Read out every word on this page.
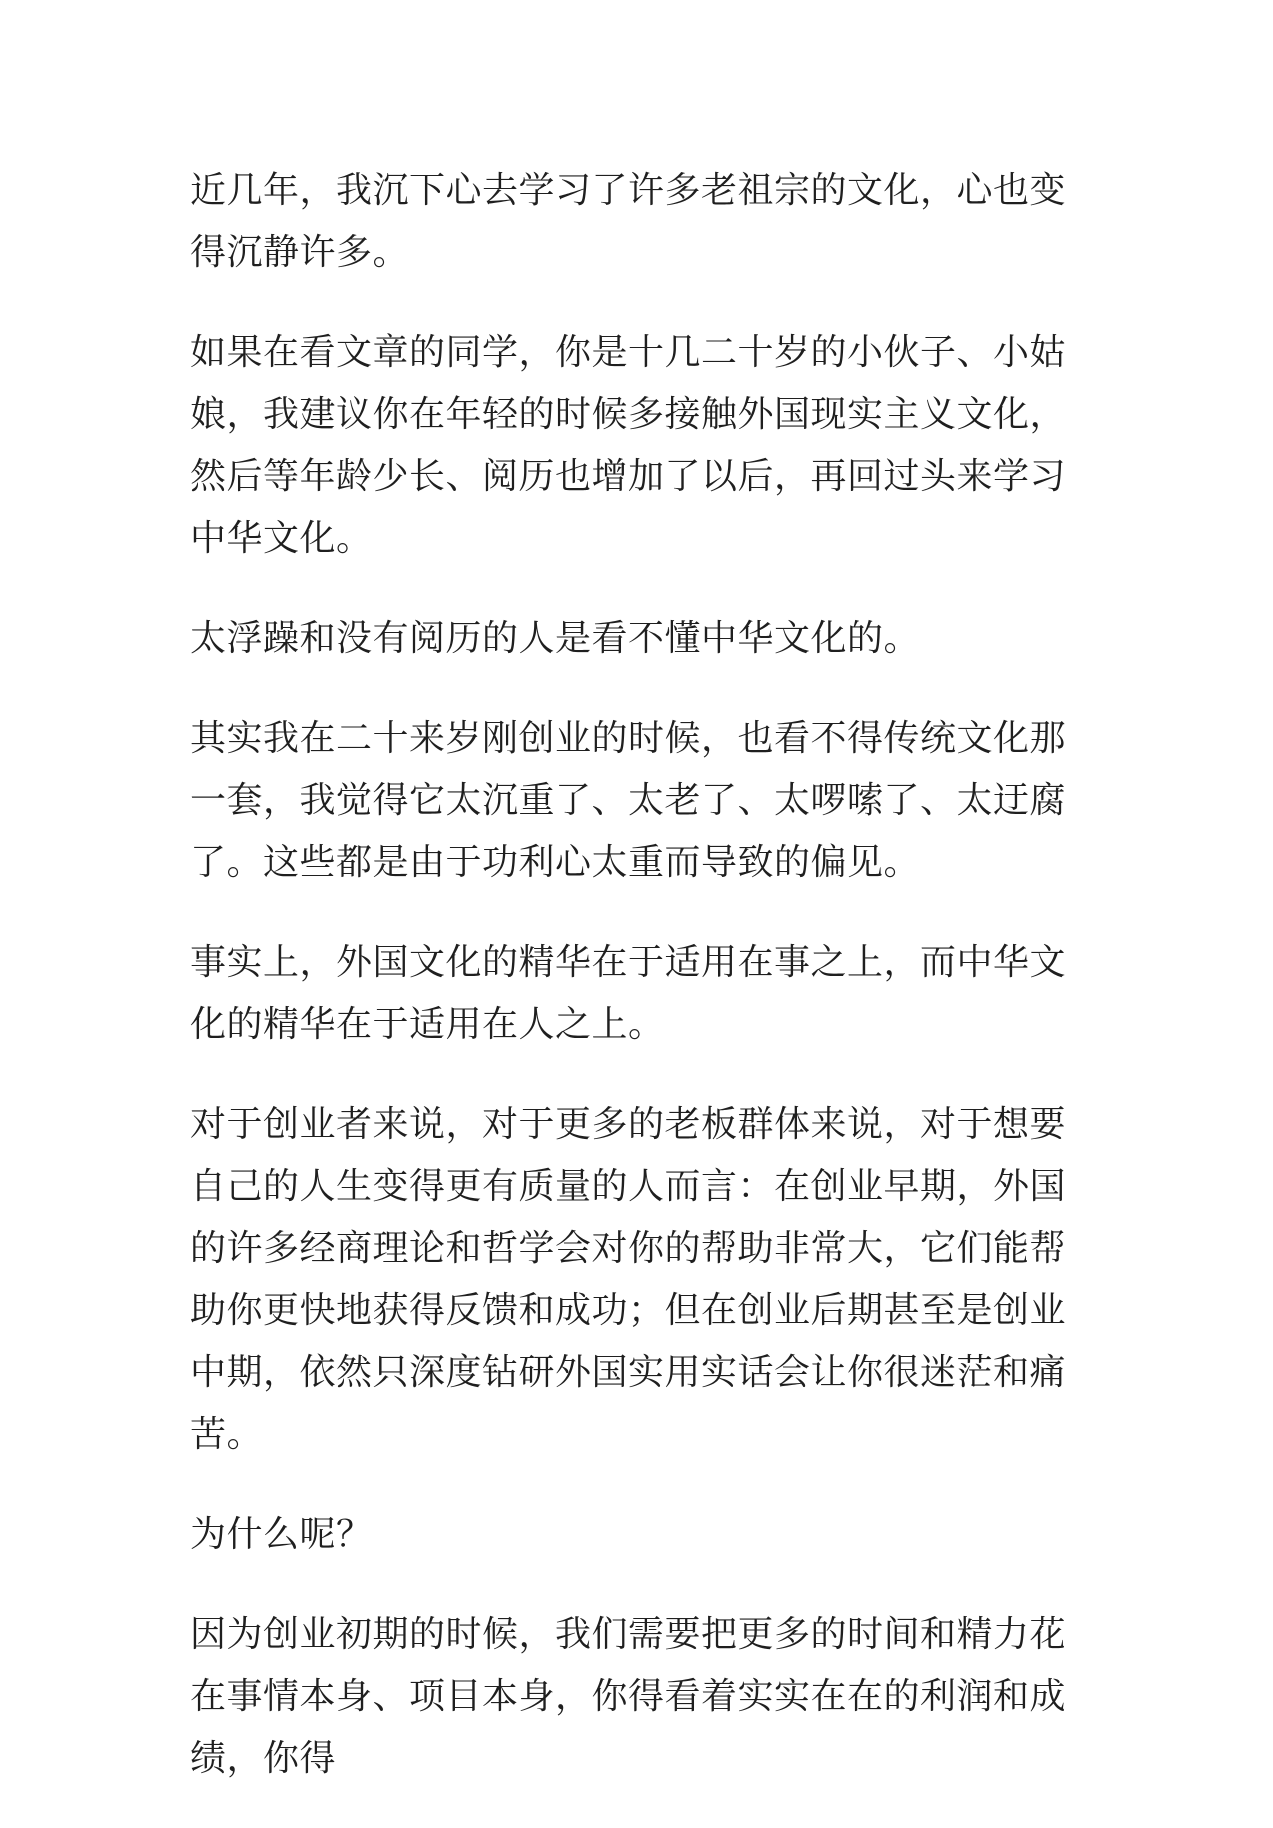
近几年，我沉下心去学习了许多老祖宗的文化，心也变得沉静许多。

如果在看文章的同学，你是十几二十岁的小伙子、小姑娘，我建议你在年轻的时候多接触外国现实主义文化，然后等年龄少长、阅历也增加了以后，再回过头来学习中华文化。

太浮躁和没有阅历的人是看不懂中华文化的。

其实我在二十来岁刚创业的时候，也看不得传统文化那一套，我觉得它太沉重了、太老了、太啰嗦了、太迂腐了。这些都是由于功利心太重而导致的偏见。

事实上，外国文化的精华在于适用在事之上，而中华文化的精华在于适用在人之上。

对于创业者来说，对于更多的老板群体来说，对于想要自己的人生变得更有质量的人而言：在创业早期，外国的许多经商理论和哲学会对你的帮助非常大，它们能帮助你更快地获得反馈和成功；但在创业后期甚至是创业中期，依然只深度钻研外国实用实话会让你很迷茫和痛苦。

为什么呢？

因为创业初期的时候，我们需要把更多的时间和精力花在事情本身、项目本身，你得看着实实在在的利润和成绩，你得
